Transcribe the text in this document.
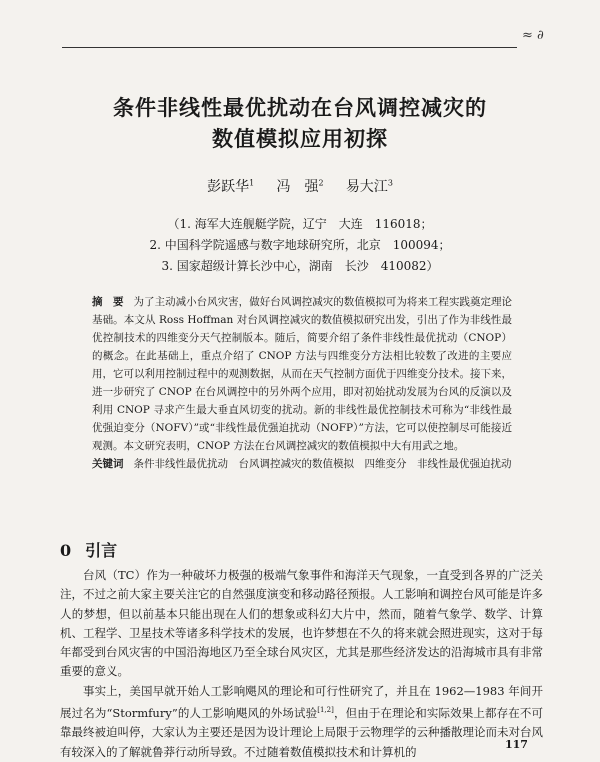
≈ ∂
条件非线性最优扰动在台风调控减灾的
数值模拟应用初探
彭跃华$^1$ 冯　强$^2$ 易大江$^3$
（1. 海军大连舰艇学院，辽宁　大连　116018；
2. 中国科学院遥感与数字地球研究所，北京　100094；
3. 国家超级计算长沙中心，湖南　长沙　410082）
摘　要 为了主动减小台风灾害，做好台风调控减灾的数值模拟可为将来工程实践奠定理论基础。本文从 Ross Hoffman 对台风调控减灾的数值模拟研究出发，引出了作为非线性最优控制技术的四维变分天气控制版本。随后，简要介绍了条件非线性最优扰动（CNOP）的概念。在此基础上，重点介绍了 CNOP 方法与四维变分方法相比较数了改进的主要应用，它可以利用控制过程中的观测数据，从而在天气控制方面优于四维变分技术。接下来，进一步研究了 CNOP 在台风调控中的另外两个应用，即对初始扰动发展为台风的反演以及利用 CNOP 寻求产生最大垂直风切变的扰动。新的非线性最优控制技术可称为“非线性最优强迫变分（NOFV）”或“非线性最优强迫扰动（NOFP）”方法，它可以使控制尽可能接近观测。本文研究表明，CNOP 方法在台风调控减灾的数值模拟中大有用武之地。
关键词 条件非线性最优扰动　台风调控减灾的数值模拟　四维变分　非线性最优强迫扰动
0 引言

台风（TC）作为一种破坏力极强的极端气象事件和海洋天气现象，一直受到各界的广泛关注，不过之前大家主要关注它的自然强度演变和移动路径预报。人工影响和调控台风可能是许多人的梦想，但以前基本只能出现在人们的想象或科幻大片中，然而，随着气象学、数学、计算机、工程学、卫星技术等诸多科学技术的发展，也许梦想在不久的将来就会照进现实，这对于每年都受到台风灾害的中国沿海地区乃至全球台风灾区，尤其是那些经济发达的沿海城市具有非常重要的意义。

事实上，美国早就开始人工影响飓风的理论和可行性研究了，并且在 1962—1983 年间开展过名为“Stormfury”的人工影响飓风的外场试验[1,2]，但由于在理论和实际效果上都存在不可靠最终被迫叫停，大家认为主要还是因为设计理论上局限于云物理学的云种播散理论而未对台风有较深入的了解就鲁莽行动所导致。不过随着数值模拟技术和计算机的	117
